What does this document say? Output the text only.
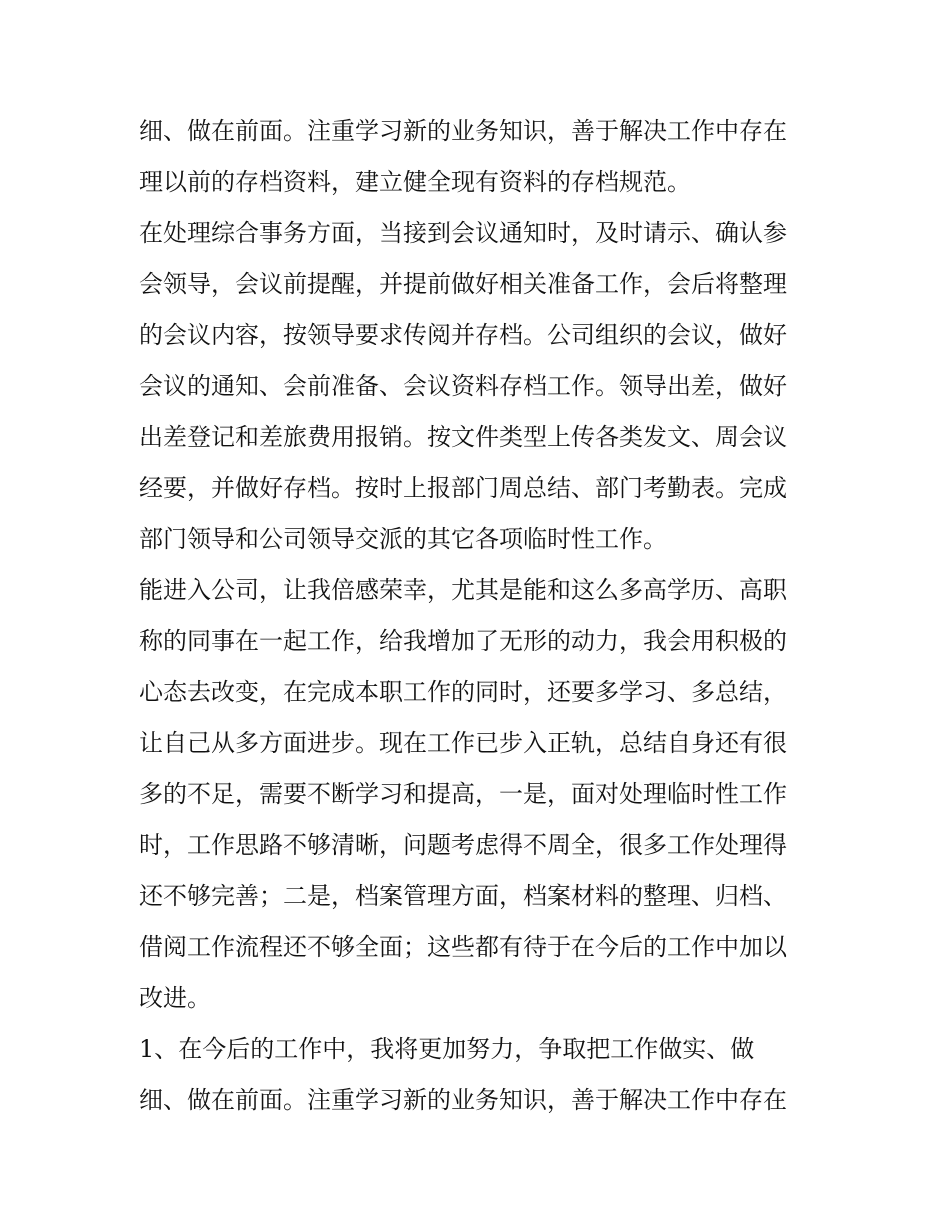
细、做在前面。注重学习新的业务知识，善于解决工作中存在
理以前的存档资料，建立健全现有资料的存档规范。
在处理综合事务方面，当接到会议通知时，及时请示、确认参
会领导，会议前提醒，并提前做好相关准备工作，会后将整理
的会议内容，按领导要求传阅并存档。公司组织的会议，做好
会议的通知、会前准备、会议资料存档工作。领导出差，做好
出差登记和差旅费用报销。按文件类型上传各类发文、周会议
经要，并做好存档。按时上报部门周总结、部门考勤表。完成
部门领导和公司领导交派的其它各项临时性工作。
能进入公司，让我倍感荣幸，尤其是能和这么多高学历、高职
称的同事在一起工作，给我增加了无形的动力，我会用积极的
心态去改变，在完成本职工作的同时，还要多学习、多总结，
让自己从多方面进步。现在工作已步入正轨，总结自身还有很
多的不足，需要不断学习和提高，一是，面对处理临时性工作
时，工作思路不够清晰，问题考虑得不周全，很多工作处理得
还不够完善；二是，档案管理方面，档案材料的整理、归档、
借阅工作流程还不够全面；这些都有待于在今后的工作中加以
改进。
1、在今后的工作中，我将更加努力，争取把工作做实、做
细、做在前面。注重学习新的业务知识，善于解决工作中存在
